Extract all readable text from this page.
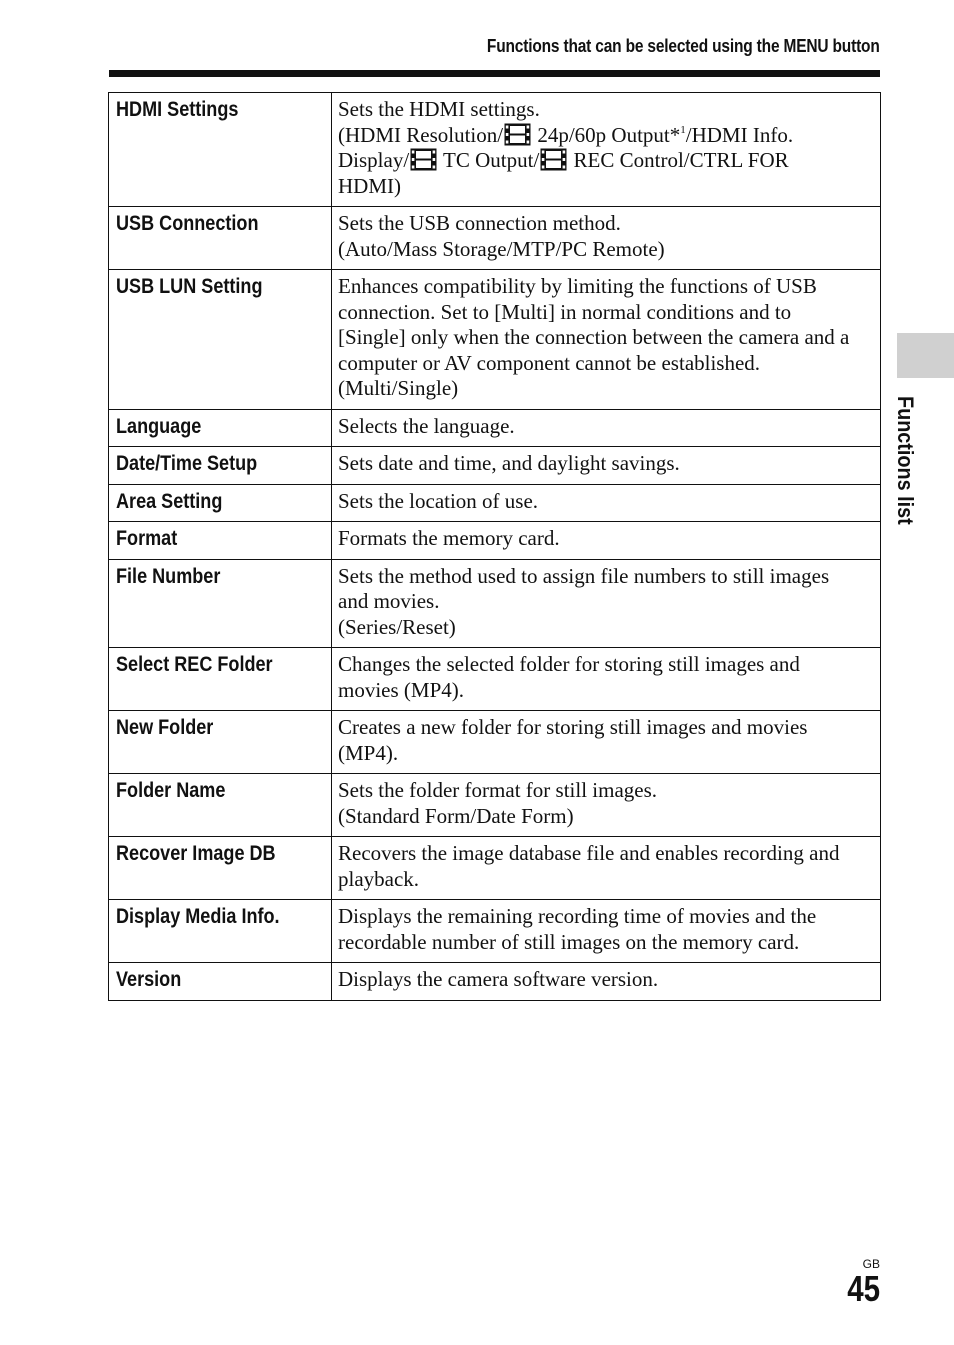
Functions that can be selected using the MENU button
HDMI Settings	Sets the HDMI settings.
(HDMI Resolution/ 24p/60p Output*$^1$/HDMI Info.
Display/ TC Output/ REC Control/CTRL FOR
HDMI)

USB Connection	Sets the USB connection method.
(Auto/Mass Storage/MTP/PC Remote)

USB LUN Setting	Enhances compatibility by limiting the functions of USB
connection. Set to [Multi] in normal conditions and to
[Single] only when the connection between the camera and a
computer or AV component cannot be established.
(Multi/Single)

Language	Selects the language.

Date/Time Setup	Sets date and time, and daylight savings.

Area Setting	Sets the location of use.

Format	Formats the memory card.

File Number	Sets the method used to assign file numbers to still images
and movies.
(Series/Reset)

Select REC Folder	Changes the selected folder for storing still images and
movies (MP4).

New Folder	Creates a new folder for storing still images and movies
(MP4).

Folder Name	Sets the folder format for still images.
(Standard Form/Date Form)

Recover Image DB	Recovers the image database file and enables recording and
playback.

Display Media Info.	Displays the remaining recording time of movies and the
recordable number of still images on the memory card.

Version	Displays the camera software version.
Functions list
GB
45
